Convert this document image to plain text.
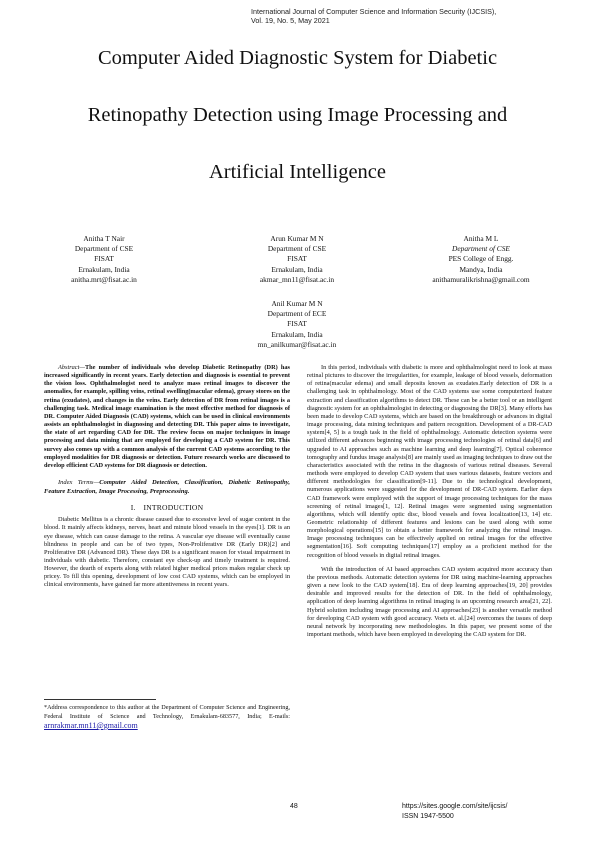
International Journal of Computer Science and Information Security (IJCSIS),
Vol. 19, No. 5, May 2021
Computer Aided Diagnostic System for Diabetic
Retinopathy Detection using Image Processing and
Artificial Intelligence
Anitha T Nair
Department of CSE
FISAT
Ernakulam, India
anitha.mrt@fisat.ac.in
Arun Kumar M N
Department of CSE
FISAT
Ernakulam, India
akmar_mn11@fisat.ac.in
Anitha M L
Department of CSE
PES College of Engg.
Mandya, India
anithamuralikrishna@gmail.com
Anil Kumar M N
Department of ECE
FISAT
Ernakulam, India
mn_anilkumar@fisat.ac.in

Abstract—The number of individuals who develop Diabetic Retinopathy (DR) has increased significantly in recent years. Early detection and diagnosis is essential to prevent the vision loss. Ophthalmologist need to analyze mass retinal images to discover the anomalies, for example, spilling veins, retinal swelling(macular edema), greasy stores on the retina (exudates), and changes in the veins. Early detection of DR from retinal images is a challenging task. Medical image examination is the most effective method for diagnosis of DR. Computer Aided Diagnosis (CAD) systems, which can be used in clinical environments assists an ophthalmologist in diagnosing and detecting DR. This paper aims to investigate, the state of art regarding CAD for DR. The review focus on major techniques in image processing and data mining that are employed for developing a CAD system for DR. This survey also comes up with a common analysis of the current CAD systems according to the employed modalities for DR diagnosis or detection. Future research works are discussed to develop efficient CAD systems for DR diagnosis or detection.

Index Terms—Computer Aided Detection, Classification, Diabetic Retinopathy, Feature Extraction, Image Processing, Preprocessing.

I. INTRODUCTION

Diabetic Mellitus is a chronic disease caused due to excessive level of sugar content in the blood. It mainly affects kidneys, nerves, heart and minute blood vessels in the eyes[1]. DR is an eye disease, which can cause damage to the retina. A vascular eye disease will eventually cause blindness in people and can be of two types, Non-Proliferative DR (Early DR)[2] and Proliferative DR (Advanced DR). These days DR is a significant reason for visual impairment in individuals with diabetic. Therefore, constant eye check-up and timely treatment is required. However, the dearth of experts along with related higher medical prices makes regular check up pricey. To fill this opening, development of low cost CAD systems, which can be employed in clinical environments, have gained far more attentiveness in recent years.

*Address correspondence to this author at the Department of Computer Science and Engineering, Federal Institute of Science and Technology, Ernakulam-683577, India; E-mails: arnrakmar.mn11@gmail.com

In this period, individuals with diabetic is more and ophthalmologist need to look at mass retinal pictures to discover the irregularities, for example, leakage of blood vessels, deformation of retina(macular edema) and small deposits known as exudates.Early detection of DR is a challenging task in ophthalmology. Most of the CAD systems use some computerized feature extraction and classification algorithms to detect DR. These can be a better tool or an intelligent diagnostic system for an ophthalmologist in detecting or diagnosing the DR[3]. Many efforts has been made to develop CAD systems, which are based on the breakthrough or advances in digital image processing, data mining techniques and pattern recognition. Development of a DR-CAD system[4, 5] is a tough task in the field of ophthalmology. Automatic detection systems were utilized different advances beginning with image processing technologies of retinal data[6] and upgraded to AI approaches such as machine learning and deep learning[7]. Optical coherence tomography and fundus image analysis[8] are mainly used as imaging techniques to draw out the characteristics associated with the retina in the diagnosis of various retinal diseases. Several methods were employed to develop CAD system that uses various datasets, feature vectors and different methodologies for classification[9-11]. Due to the technological development, numerous applications were suggested for the development of DR-CAD system. Earlier days CAD framework were employed with the support of image processing techniques for the mass screening of retinal images[1, 12]. Retinal images were segmented using segmentation algorithms, which will identify optic disc, blood vessels and fovea localization[13, 14] etc. Geometric relationship of different features and lesions can be used along with some morphological operations[15] to obtain a better framework for analyzing the retinal images. Image processing techniques can be effectively applied on retinal images for the effective segmentation[16]. Soft computing techniques[17] employ as a proficient method for the recognition of blood vessels in digital retinal images.

With the introduction of AI based approaches CAD system acquired more accuracy than the previous methods. Automatic detection systems for DR using machine-learning approaches given a new look to the CAD system[18]. Era of deep learning approaches[19, 20] provides desirable and improved results for the detection of DR. In the field of ophthalmology, application of deep learning algorithms in retinal imaging is an upcoming research area[21, 22]. Hybrid solution including image processing and AI approaches[23] is another versatile method for developing CAD system with good accuracy. Voets et. al.[24] overcomes the issues of deep neural network by incorporating new methodologies. In this paper, we present some of the important methods, which have been employed in developing the CAD system for DR.

48	https://sites.google.com/site/ijcsis/
ISSN 1947-5500
